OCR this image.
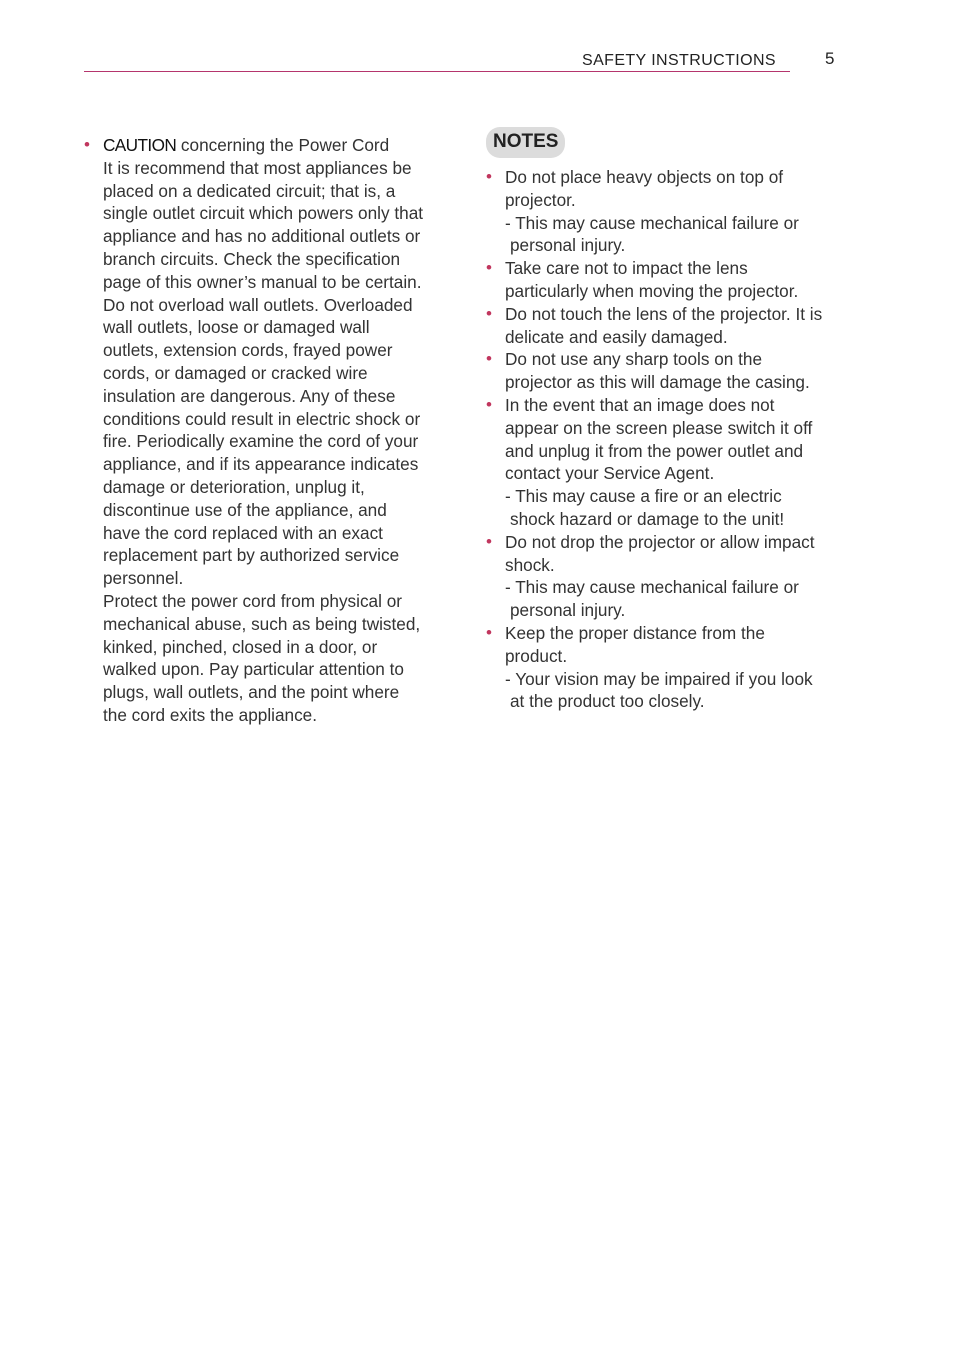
SAFETY INSTRUCTIONS	5
• CAUTION concerning the Power Cord
It is recommend that most appliances be placed on a dedicated circuit; that is, a single outlet circuit which powers only that appliance and has no additional outlets or branch circuits. Check the specification page of this owner’s manual to be certain.
Do not overload wall outlets. Overloaded wall outlets, loose or damaged wall outlets, extension cords, frayed power cords, or damaged or cracked wire insulation are dangerous. Any of these conditions could result in electric shock or fire. Periodically examine the cord of your appliance, and if its appearance indicates damage or deterioration, unplug it, discontinue use of the appliance, and have the cord replaced with an exact replacement part by authorized service personnel.
Protect the power cord from physical or mechanical abuse, such as being twisted, kinked, pinched, closed in a door, or walked upon. Pay particular attention to plugs, wall outlets, and the point where the cord exits the appliance.
NOTES
• Do not place heavy objects on top of projector.
- This may cause mechanical failure or personal injury.
• Take care not to impact the lens particularly when moving the projector.
• Do not touch the lens of the projector. It is delicate and easily damaged.
• Do not use any sharp tools on the projector as this will damage the casing.
• In the event that an image does not appear on the screen please switch it off and unplug it from the power outlet and contact your Service Agent.
- This may cause a fire or an electric shock hazard or damage to the unit!
• Do not drop the projector or allow impact shock.
- This may cause mechanical failure or personal injury.
• Keep the proper distance from the product.
- Your vision may be impaired if you look at the product too closely.
